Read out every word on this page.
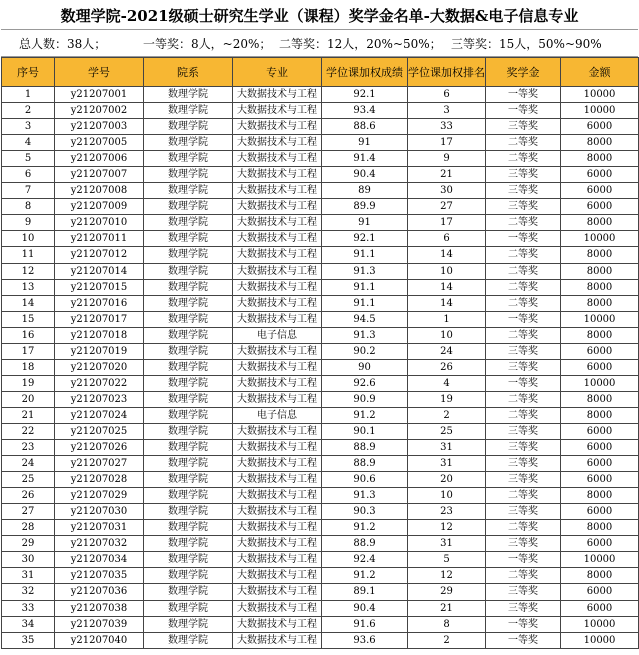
数理学院-2021级硕士研究生学业（课程）奖学金名单-大数据&电子信息专业
总人数：38人；	一等奖：8人，~20%； 二等奖：12人，20%~50%； 三等奖：15人，50%~90%
序号	学号	院系	专业	学位课加权成绩	学位课加权排名	奖学金	金额
1	y21207001	数理学院	大数据技术与工程	92.1	6	一等奖	10000
2	y21207002	数理学院	大数据技术与工程	93.4	3	一等奖	10000
3	y21207003	数理学院	大数据技术与工程	88.6	33	三等奖	6000
4	y21207005	数理学院	大数据技术与工程	91	17	二等奖	8000
5	y21207006	数理学院	大数据技术与工程	91.4	9	二等奖	8000
6	y21207007	数理学院	大数据技术与工程	90.4	21	三等奖	6000
7	y21207008	数理学院	大数据技术与工程	89	30	三等奖	6000
8	y21207009	数理学院	大数据技术与工程	89.9	27	三等奖	6000
9	y21207010	数理学院	大数据技术与工程	91	17	二等奖	8000
10	y21207011	数理学院	大数据技术与工程	92.1	6	一等奖	10000
11	y21207012	数理学院	大数据技术与工程	91.1	14	二等奖	8000
12	y21207014	数理学院	大数据技术与工程	91.3	10	二等奖	8000
13	y21207015	数理学院	大数据技术与工程	91.1	14	二等奖	8000
14	y21207016	数理学院	大数据技术与工程	91.1	14	二等奖	8000
15	y21207017	数理学院	大数据技术与工程	94.5	1	一等奖	10000
16	y21207018	数理学院	电子信息	91.3	10	二等奖	8000
17	y21207019	数理学院	大数据技术与工程	90.2	24	三等奖	6000
18	y21207020	数理学院	大数据技术与工程	90	26	三等奖	6000
19	y21207022	数理学院	大数据技术与工程	92.6	4	一等奖	10000
20	y21207023	数理学院	大数据技术与工程	90.9	19	二等奖	8000
21	y21207024	数理学院	电子信息	91.2	2	二等奖	8000
22	y21207025	数理学院	大数据技术与工程	90.1	25	三等奖	6000
23	y21207026	数理学院	大数据技术与工程	88.9	31	三等奖	6000
24	y21207027	数理学院	大数据技术与工程	88.9	31	三等奖	6000
25	y21207028	数理学院	大数据技术与工程	90.6	20	三等奖	6000
26	y21207029	数理学院	大数据技术与工程	91.3	10	二等奖	8000
27	y21207030	数理学院	大数据技术与工程	90.3	23	三等奖	6000
28	y21207031	数理学院	大数据技术与工程	91.2	12	二等奖	8000
29	y21207032	数理学院	大数据技术与工程	88.9	31	三等奖	6000
30	y21207034	数理学院	大数据技术与工程	92.4	5	一等奖	10000
31	y21207035	数理学院	大数据技术与工程	91.2	12	二等奖	8000
32	y21207036	数理学院	大数据技术与工程	89.1	29	三等奖	6000
33	y21207038	数理学院	大数据技术与工程	90.4	21	三等奖	6000
34	y21207039	数理学院	大数据技术与工程	91.6	8	一等奖	10000
35	y21207040	数理学院	大数据技术与工程	93.6	2	一等奖	10000
